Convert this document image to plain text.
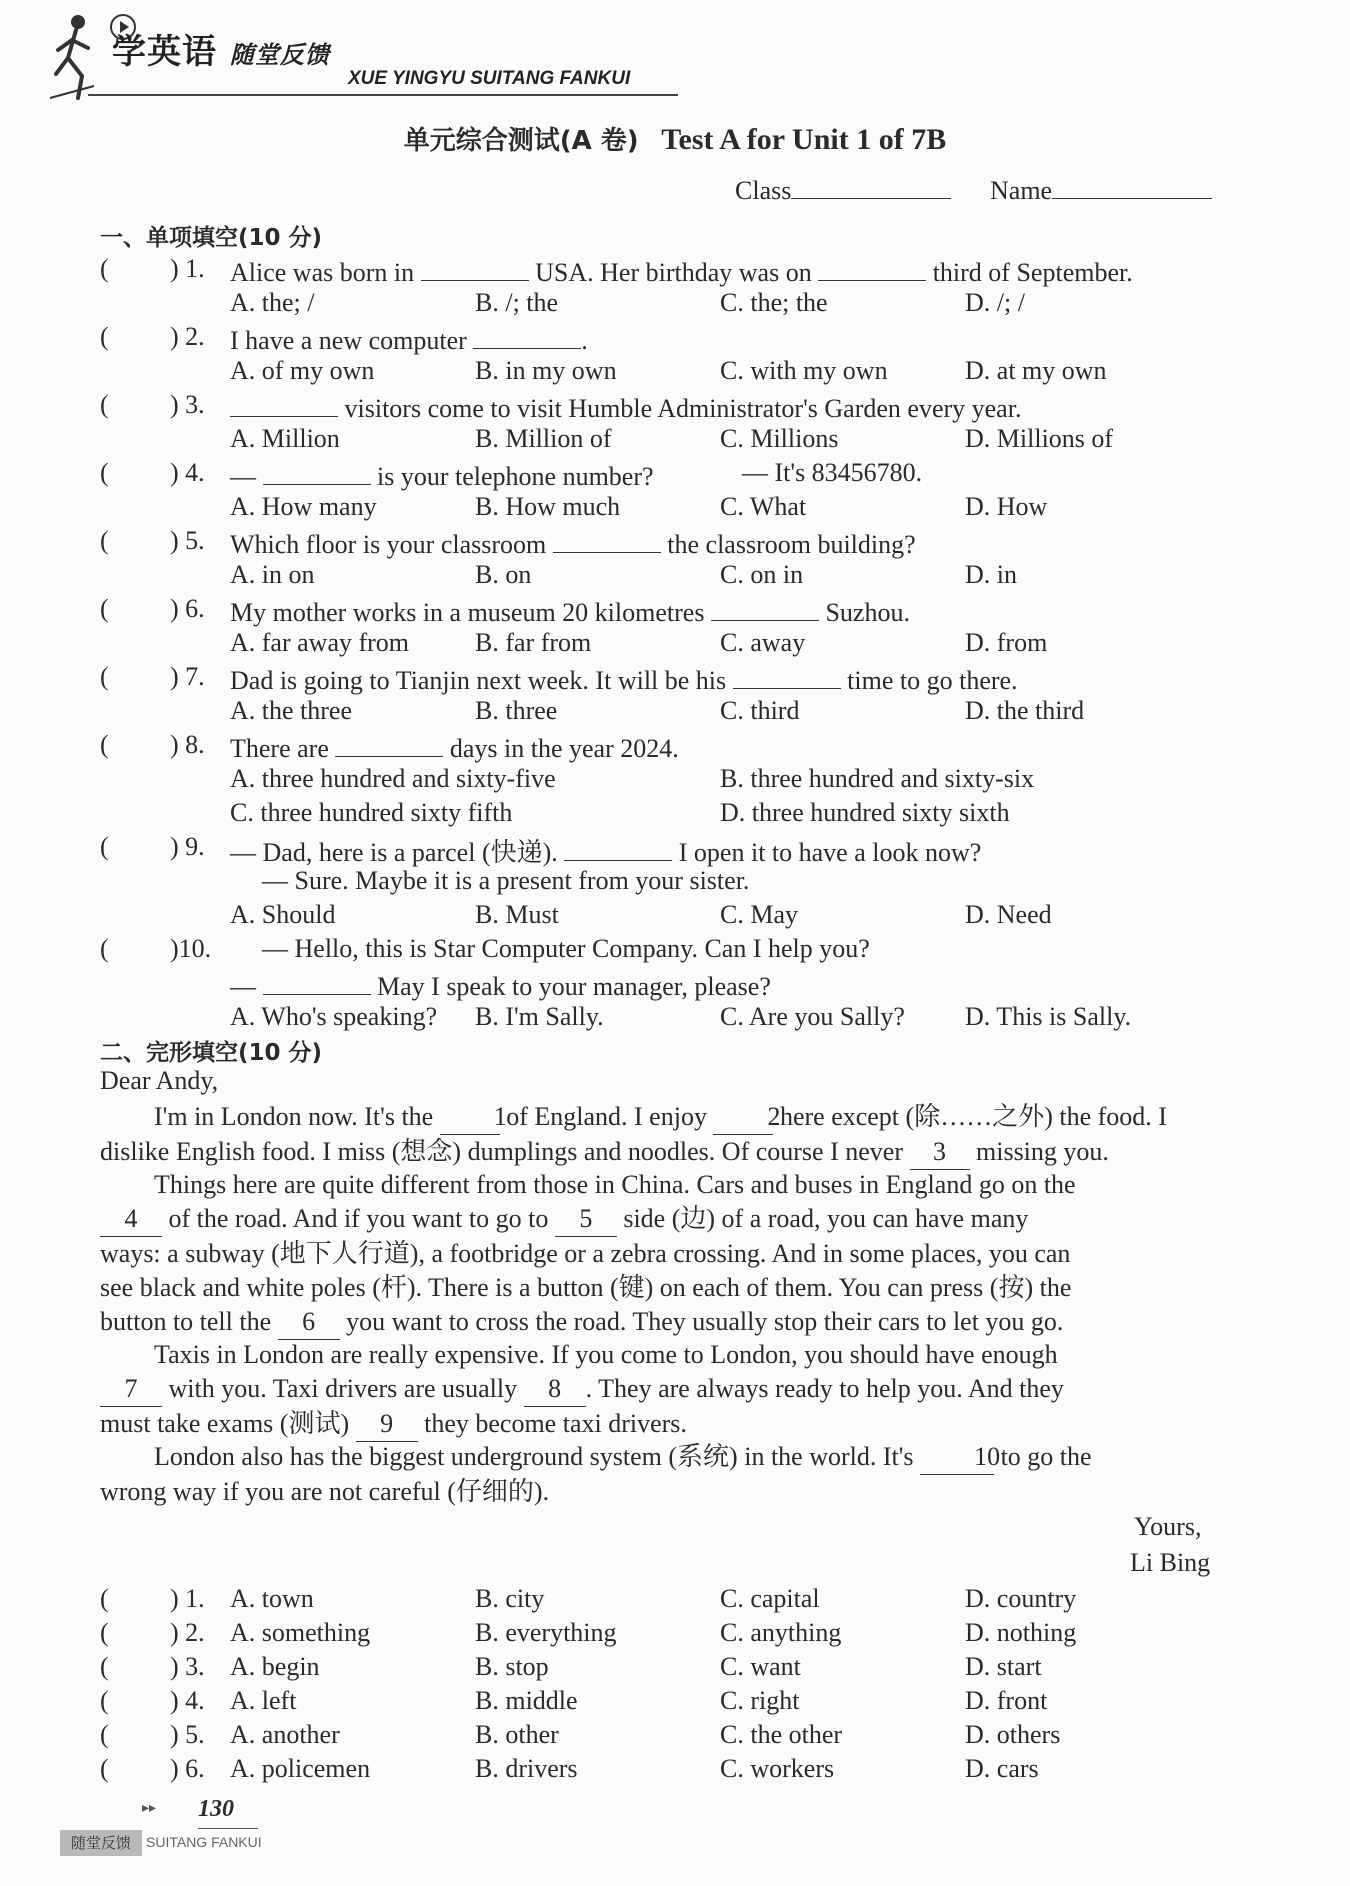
学英语 随堂反馈
XUE YINGYU SUITANG FANKUI
单元综合测试(A 卷) Test A for Unit 1 of 7B
Class	Name
一、单项填空(10 分)
( ) 1. Alice was born in	USA. Her birthday was on	third of September.
A. the; /	B. /; the	C. the; the	D. /; /
( ) 2. I have a new computer	.
A. of my own	B. in my own	C. with my own	D. at my own
( ) 3.	visitors come to visit Humble Administrator's Garden every year.
A. Million	B. Million of	C. Millions	D. Millions of
( ) 4. —	is your telephone number?	— It's 83456780.
A. How many	B. How much	C. What	D. How
( ) 5. Which floor is your classroom	the classroom building?
A. in on	B. on	C. on in	D. in
( ) 6. My mother works in a museum 20 kilometres	Suzhou.
A. far away from	B. far from	C. away	D. from
( ) 7. Dad is going to Tianjin next week. It will be his	time to go there.
A. the three	B. three	C. third	D. the third
( ) 8. There are	days in the year 2024.
A. three hundred and sixty-five	B. three hundred and sixty-six
C. three hundred sixty fifth	D. three hundred sixty sixth
( ) 9. — Dad, here is a parcel (快递).	I open it to have a look now?
— Sure. Maybe it is a present from your sister.
A. Should	B. Must	C. May	D. Need
( )10. — Hello, this is Star Computer Company. Can I help you?
—	May I speak to your manager, please?
A. Who's speaking? B. I'm Sally.	C. Are you Sally? D. This is Sally.
二、完形填空(10 分)
Dear Andy,
I'm in London now. It's the 1 of England. I enjoy 2 here except (除……之外) the food. I
dislike English food. I miss (想念) dumplings and noodles. Of course I never 3 missing you.
Things here are quite different from those in China. Cars and buses in England go on the
4 of the road. And if you want to go to 5 side (边) of a road, you can have many
ways: a subway (地下人行道), a footbridge or a zebra crossing. And in some places, you can
see black and white poles (杆). There is a button (键) on each of them. You can press (按) the
button to tell the 6 you want to cross the road. They usually stop their cars to let you go.
Taxis in London are really expensive. If you come to London, you should have enough
7 with you. Taxi drivers are usually 8 . They are always ready to help you. And they
must take exams (测试) 9 they become taxi drivers.
London also has the biggest underground system (系统) in the world. It's 10 to go the
wrong way if you are not careful (仔细的).
Yours,
Li Bing
( ) 1. A. town	B. city	C. capital	D. country
( ) 2. A. something	B. everything	C. anything	D. nothing
( ) 3. A. begin	B. stop	C. want	D. start
( ) 4. A. left	B. middle	C. right	D. front
( ) 5. A. another	B. other	C. the other	D. others
( ) 6. A. policemen	B. drivers	C. workers	D. cars
▸▸ 130
随堂反馈	SUITANG FANKUI
